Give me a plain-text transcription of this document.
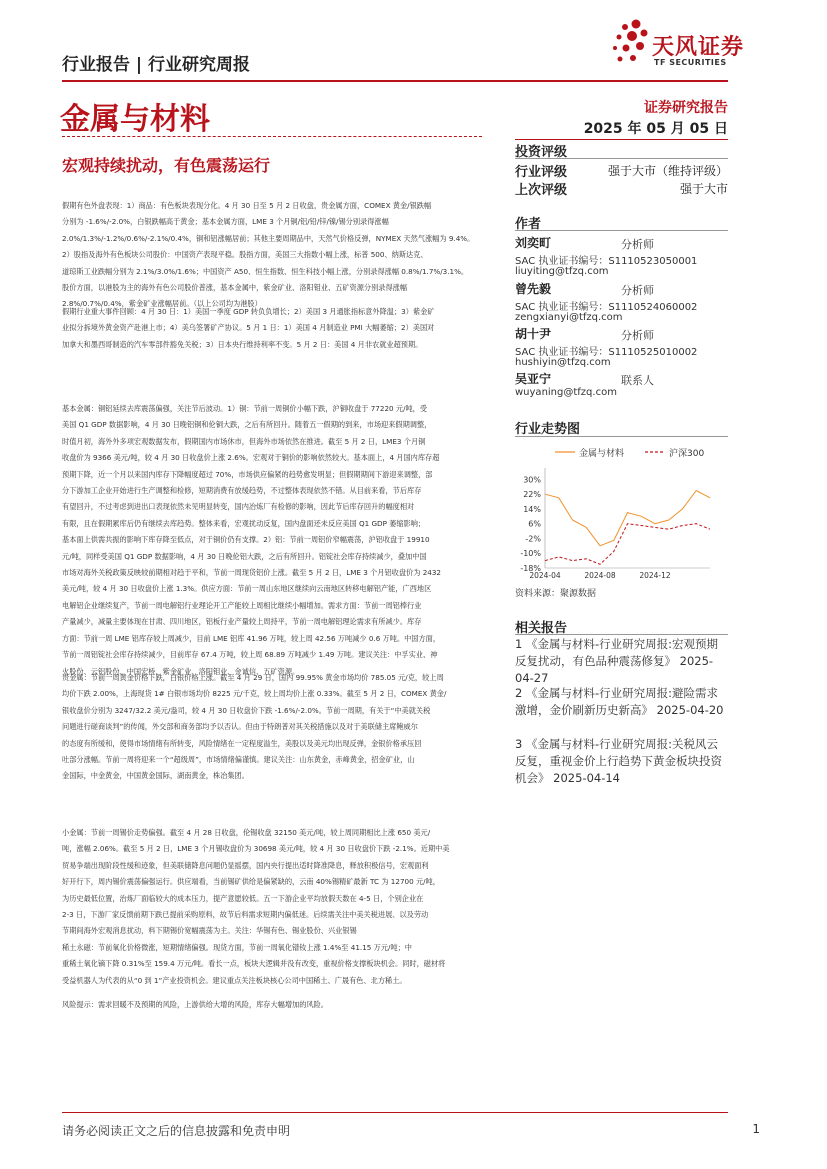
天风证券
TF SECURITIES
行业报告 | 行业研究周报
金属与材料
宏观持续扰动，有色震荡运行
证券研究报告
2025 年 05 月 05 日
投资评级
行业评级	强于大市（维持评级）
上次评级	强于大市
作者
刘奕町	分析师
SAC 执业证书编号：S1110523050001
liuyiting@tfzq.com
曾先毅	分析师
SAC 执业证书编号：S1110524060002
zengxianyi@tfzq.com
胡十尹	分析师
SAC 执业证书编号：S1110525010002
hushiyin@tfzq.com
吴亚宁	联系人
wuyaning@tfzq.com
行业走势图
金属与材料	沪深300
30%
22%
14%
6%
-2%
-10%
-18%
2024-04	2024-08	2024-12
资料来源：聚源数据
相关报告
1 《金属与材料-行业研究周报:宏观预期反复扰动，有色品种震荡修复》 2025-04-27
2 《金属与材料-行业研究周报:避险需求激增，金价刷新历史新高》 2025-04-20
3 《金属与材料-行业研究周报:关税风云反复，重视金价上行趋势下黄金板块投资机会》 2025-04-14
假期有色外盘表现：1）商品：有色板块表现分化。4 月 30 日至 5 月 2 日收盘，贵金属方面，COMEX 黄金/银跌幅
分别为 -1.6%/-2.0%，白银跌幅高于黄金；基本金属方面，LME 3 个月铜/铝/铅/锌/镍/锡分别录得涨幅
2.0%/1.3%/-1.2%/0.6%/-2.1%/0.4%，铜和铝涨幅居前；其他主要周期品中，天然气价格反弹，NYMEX 天然气涨幅为 9.4%。
2）股指及海外有色板块公司股价：中国资产表现平稳。股指方面，美国三大指数小幅上涨，标普 500、纳斯达克、
道琼斯工业跌幅分别为 2.1%/3.0%/1.6%；中国资产 A50、恒生指数、恒生科技小幅上涨，分别录得涨幅 0.8%/1.7%/3.1%。
股价方面，以港股为主的海外有色公司股价普涨，基本金属中，紫金矿业、洛阳钼业、五矿资源分别录得涨幅
2.8%/0.7%/0.4%，紫金矿业涨幅居前。（以上公司均为港股）
假期行业重大事件回顾：4 月 30 日：1）美国一季度 GDP 转负负增长；2）美国 3 月通胀指标意外降温；3）紫金矿
业拟分拆境外黄金资产赴港上市；4）美乌签署矿产协议。5 月 1 日：1）美国 4 月制造业 PMI 大幅萎缩；2）美国对
加拿大和墨西哥制造的汽车零部件豁免关税；3）日本央行维持利率不变。5 月 2 日：美国 4 月非农就业超预期。
基本金属：铜铝延续去库震荡偏强，关注节后波动。1）铜：节前一周铜价小幅下跌，沪铜收盘于 77220 元/吨，受
美国 Q1 GDP 数据影响，4 月 30 日晚铝铜和伦铜大跌，之后有所回升。随着五一假期的到来，市场迎来假期调整，
时值月初，海外外多项宏观数据发布，假期国内市场休市，但海外市场依然在推进。截至 5 月 2 日，LME3 个月铜
收盘价为 9366 美元/吨，较 4 月 30 日收盘价上涨 2.6%。宏观对于铜价的影响依然较大。基本面上，4 月国内库存超
预期下降，近一个月以来国内库存下降幅度超过 70%，市场供应偏紧的趋势愈发明显；但假期期间下游迎来调整，部
分下游加工企业开始进行生产调整和检修，短期消费有放缓趋势，不过整体表现依然不错。从目前来看，节后库存
有望回升，不过考虑到进出口表现依然未见明显转变，国内冶炼厂有检修的影响，因此节后库存回升的幅度相对
有限，且在假期累库后仍有继续去库趋势。整体来看，宏观扰动反复，国内盘面还未反应美国 Q1 GDP 萎缩影响；
基本面上供需共振的影响下库存降至低点，对于铜价仍有支撑。2）铝：节前一周铝价窄幅震荡，沪铝收盘于 19910
元/吨，同样受美国 Q1 GDP 数据影响，4 月 30 日晚伦铝大跌，之后有所回升。铝锭社会库存持续减少，叠加中国
市场对海外关税政策反映较前期相对趋于平和，节前一周现货铝价上涨。截至 5 月 2 日，LME 3 个月铝收盘价为 2432
美元/吨，较 4 月 30 日收盘价上涨 1.3%。供应方面：节前一周山东地区继续向云南地区转移电解铝产能，广西地区
电解铝企业继续复产，节前一周电解铝行业理论开工产能较上周相比继续小幅增加。需求方面：节前一周铝棒行业
产量减少，减量主要体现在甘肃、四川地区，铝板行业产量较上周持平，节前一周电解铝理论需求有所减少。库存
方面：节前一周 LME 铝库存较上周减少，目前 LME 铝库 41.96 万吨，较上周 42.56 万吨减少 0.6 万吨。中国方面，
节前一周铝锭社会库存持续减少，目前库存 67.4 万吨，较上周 68.89 万吨减少 1.49 万吨。建议关注：中孚实业、神
火股份、云铝股份、中国宏桥、紫金矿业、洛阳钼业、金诚信、五矿资源。
贵金属：节前一周黄金价格下跌，白银价格上涨。截至 4 月 29 日，国内 99.95% 黄金市场均价 785.05 元/克，较上周
均价下跌 2.00%，上海现货 1# 白银市场均价 8225 元/千克，较上周均价上涨 0.33%。截至 5 月 2 日，COMEX 黄金/
银收盘价分别为 3247/32.2 美元/盎司，较 4 月 30 日收盘价下跌 -1.6%/-2.0%。节前一周期，有关于“中美就关税
问题进行磋商谈判”的传闻，外交部和商务部均予以否认。但由于特朗普对其关税措施以及对于美联储主席鲍威尔
的态度有所缓和，使得市场情绪有所转变，风险情绪在一定程度溢生，美股以及美元均出现反弹，金银价格承压回
吐部分涨幅。节前一周将迎来一个“超级周”，市场情绪偏谨慎。建议关注：山东黄金，赤峰黄金，招金矿业，山
金国际，中金黄金，中国黄金国际，湖南黄金，株冶集团。
小金属：节前一周锡价走势偏强。截至 4 月 28 日收盘，伦锡收盘 32150 美元/吨，较上周同期相比上涨 650 美元/
吨，涨幅 2.06%。截至 5 月 2 日，LME 3 个月锡收盘价为 30698 美元/吨，较 4 月 30 日收盘价下跌 -2.1%。近期中美
贸易争端出现阶段性缓和迹象，但美联储降息问题仍显摇摆，国内央行提出适时降准降息，释放积极信号，宏观面利
好开行下，周内锡价震荡偏强运行。供应端看，当前锡矿供给是偏紧缺的，云南 40%锡精矿最新 TC 为 12700 元/吨，
为历史最低位置，治炼厂面临较大的成本压力，提产意愿较低。五一下游企业平均放假天数在 4-5 日，个别企业在
2-3 日，下游厂家反馈前期下跌已提前采购原料，故节后料需求短期内偏低迷。后续需关注中美关税进展、以及劳动
节期间海外宏观消息扰动，料下期锡价宽幅震荡为主。关注：华锡有色、锡业股份、兴业银锡
稀土永磁：节前氧化价格微涨，短期情绪偏强。现货方面，节前一周氧化镨钕上涨 1.4%至 41.15 万元/吨；中
重稀土氧化镝下降 0.31%至 159.4 万元/吨。看长一点，板块大逻辑并没有改变，重视价格支撑板块机会。同时，磁材将
受益机器人为代表的从“0 到 1”产业投资机会。建议重点关注板块核心公司中国稀土、广晟有色、北方稀土。
风险提示：需求回暖不及预期的风险，上游供给大增的风险，库存大幅增加的风险。
请务必阅读正文之后的信息披露和免责申明	1
